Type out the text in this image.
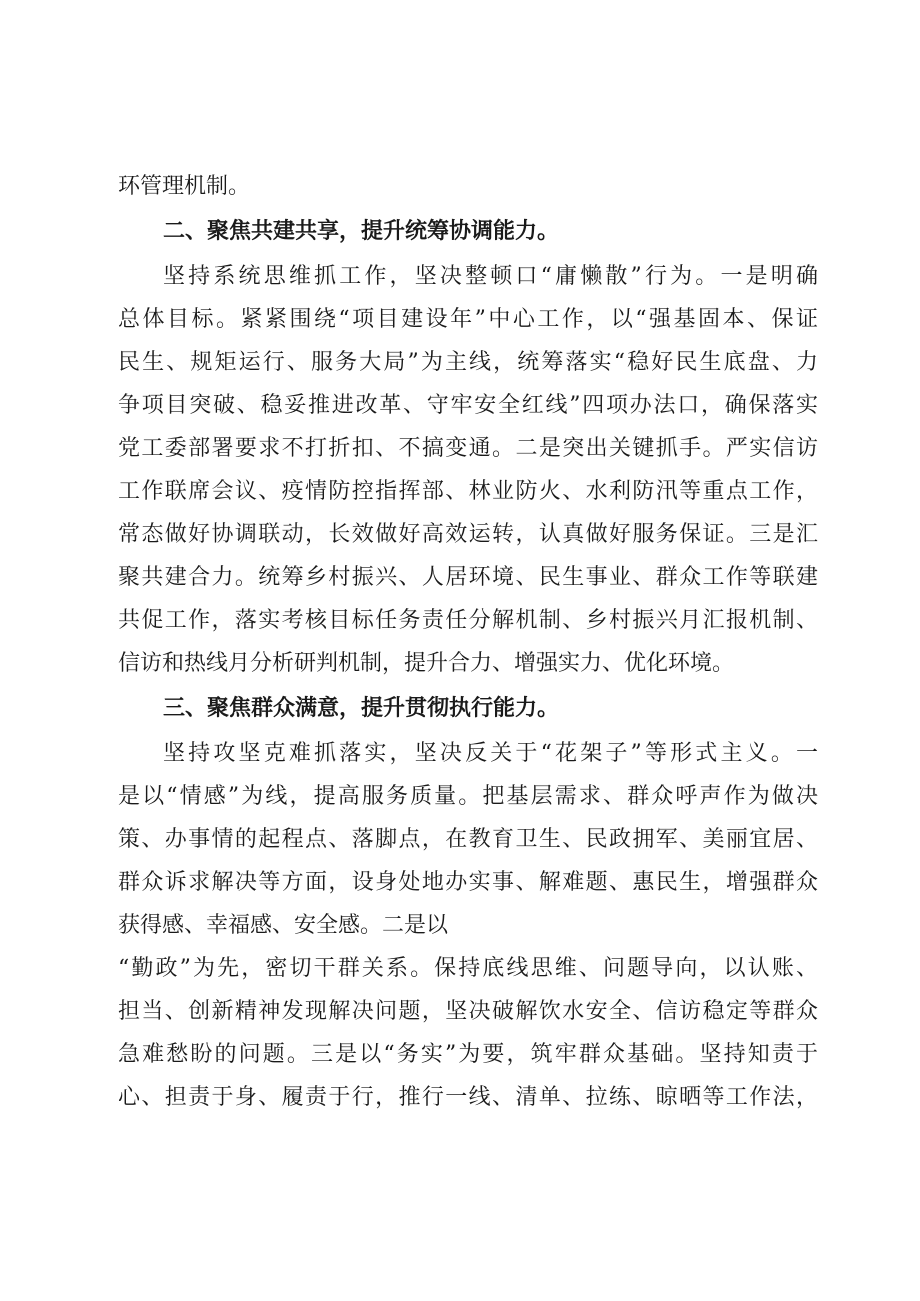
环管理机制。
二、聚焦共建共享，提升统筹协调能力。
坚持系统思维抓工作，坚决整顿口“庸懒散”行为。一是明确
总体目标。紧紧围绕“项目建设年”中心工作，以“强基固本、保证
民生、规矩运行、服务大局”为主线，统筹落实“稳好民生底盘、力
争项目突破、稳妥推进改革、守牢安全红线”四项办法口，确保落实
党工委部署要求不打折扣、不搞变通。二是突出关键抓手。严实信访
工作联席会议、疫情防控指挥部、林业防火、水利防汛等重点工作，
常态做好协调联动，长效做好高效运转，认真做好服务保证。三是汇
聚共建合力。统筹乡村振兴、人居环境、民生事业、群众工作等联建
共促工作，落实考核目标任务责任分解机制、乡村振兴月汇报机制、
信访和热线月分析研判机制，提升合力、增强实力、优化环境。
三、聚焦群众满意，提升贯彻执行能力。
坚持攻坚克难抓落实，坚决反关于“花架子”等形式主义。一
是以“情感”为线，提高服务质量。把基层需求、群众呼声作为做决
策、办事情的起程点、落脚点，在教育卫生、民政拥军、美丽宜居、
群众诉求解决等方面，设身处地办实事、解难题、惠民生，增强群众
获得感、幸福感、安全感。二是以
“勤政”为先，密切干群关系。保持底线思维、问题导向，以认账、
担当、创新精神发现解决问题，坚决破解饮水安全、信访稳定等群众
急难愁盼的问题。三是以“务实”为要，筑牢群众基础。坚持知责于
心、担责于身、履责于行，推行一线、清单、拉练、晾晒等工作法，
